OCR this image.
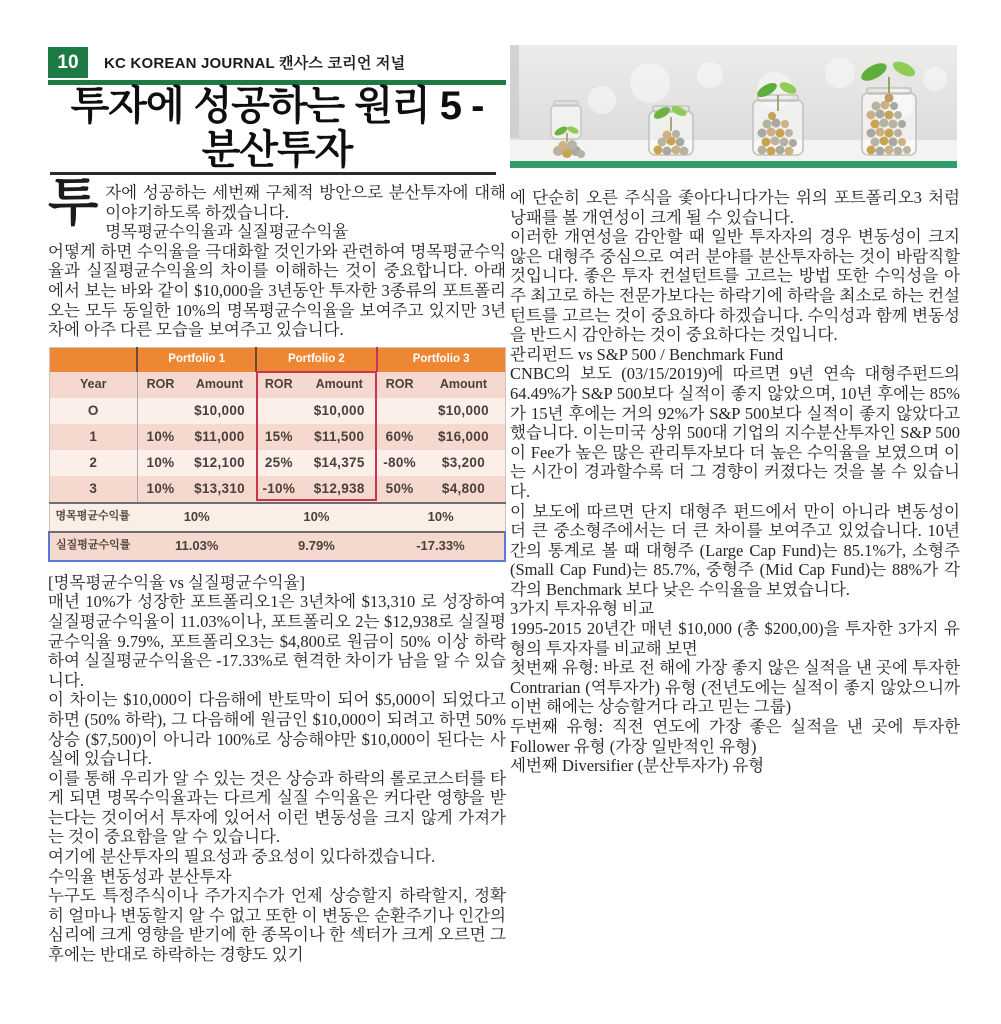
10	KC KOREAN JOURNAL 캔사스 코리언 저널
투자에 성공하는 원리 5 -
분산투자

투자에 성공하는 세번째 구체적 방안으로 분산투자에 대해 이야기하도록 하겠습니다.

명목평균수익율과 실질평균수익율

어떻게 하면 수익율을 극대화할 것인가와 관련하여 명목평균수익율과 실질평균수익율의 차이를 이해하는 것이 중요합니다. 아래에서 보는 바와 같이 $10,000을 3년동안 투자한 3종류의 포트폴리오는 모두 동일한 10%의 명목평균수익율을 보여주고 있지만 3년차에 아주 다른 모습을 보여주고 있습니다.

	Portfolio 1		Portfolio 2		Portfolio 3	
Year	ROR	Amount	ROR	Amount	ROR	Amount
O		$10,000		$10,000		$10,000
1	10%	$11,000	15%	$11,500	60%	$16,000
2	10%	$12,100	25%	$14,375	-80%	$3,200
3	10%	$13,310	-10%	$12,938	50%	$4,800
명목평균수익률	10%		10%		10%	
실질평균수익률	11.03%		9.79%		-17.33%	

[명목평균수익율 vs 실질평균수익율]

매년 10%가 성장한 포트폴리오1은 3년차에 $13,310 로 성장하여 실질평균수익율이 11.03%이나, 포트폴리오 2는 $12,938로 실질평균수익율 9.79%, 포트폴리오3는 $4,800로 원금이 50% 이상 하락하여 실질평균수익율은 -17.33%로 현격한 차이가 남을 알 수 있습니다.

이 차이는 $10,000이 다음해에 반토막이 되어 $5,000이 되었다고 하면 (50% 하락), 그 다음해에 원금인 $10,000이 되려고 하면 50% 상승 ($7,500)이 아니라 100%로 상승해야만 $10,000이 된다는 사실에 있습니다.

이를 통해 우리가 알 수 있는 것은 상승과 하락의 롤로코스터를 타게 되면 명목수익율과는 다르게 실질 수익율은 커다란 영향을 받는다는 것이어서 투자에 있어서 이런 변동성을 크지 않게 가져가는 것이 중요함을 알 수 있습니다.

여기에 분산투자의 필요성과 중요성이 있다하겠습니다.

수익율 변동성과 분산투자

누구도 특정주식이나 주가지수가 언제 상승할지 하락할지, 정확히 얼마나 변동할지 알 수 없고 또한 이 변동은 순환주기나 인간의 심리에 크게 영향을 받기에 한 종목이나 한 섹터가 크게 오르면 그 후에는 반대로 하락하는 경향도 있기

에 단순히 오른 주식을 좇아다니다가는 위의 포트폴리오3 처럼 낭패를 볼 개연성이 크게 될 수 있습니다.

이러한 개연성을 감안할 때 일반 투자자의 경우 변동성이 크지 않은 대형주 중심으로 여러 분야를 분산투자하는 것이 바람직할 것입니다. 좋은 투자 컨설턴트를 고르는 방법 또한 수익성을 아주 최고로 하는 전문가보다는 하락기에 하락을 최소로 하는 컨설턴트를 고르는 것이 중요하다 하겠습니다. 수익성과 함께 변동성을 반드시 감안하는 것이 중요하다는 것입니다.

관리펀드 vs S&P 500 / Benchmark Fund

CNBC의 보도 (03/15/2019)에 따르면 9년 연속 대형주펀드의 64.49%가 S&P 500보다 실적이 좋지 않았으며, 10년 후에는 85%가 15년 후에는 거의 92%가 S&P 500보다 실적이 좋지 않았다고 했습니다. 이는미국 상위 500대 기업의 지수분산투자인 S&P 500이 Fee가 높은 많은 관리투자보다 더 높은 수익율을 보였으며 이는 시간이 경과할수록 더 그 경향이 커졌다는 것을 볼 수 있습니다.

이 보도에 따르면 단지 대형주 펀드에서 만이 아니라 변동성이 더 큰 중소형주에서는 더 큰 차이를 보여주고 있었습니다. 10년간의 통계로 볼 때 대형주 (Large Cap Fund)는 85.1%가, 소형주 (Small Cap Fund)는 85.7%, 중형주 (Mid Cap Fund)는 88%가 각각의 Benchmark 보다 낮은 수익율을 보였습니다.

3가지 투자유형 비교

1995-2015 20년간 매년 $10,000 (총 $200,00)을 투자한 3가지 유형의 투자자를 비교해 보면

첫번째 유형: 바로 전 해에 가장 좋지 않은 실적을 낸 곳에 투자한 Contrarian (역투자가) 유형 (전년도에는 실적이 좋지 않았으니까 이번 해에는 상승할거다 라고 믿는 그룹)

두번째 유형: 직전 연도에 가장 좋은 실적을 낸 곳에 투자한 Follower 유형 (가장 일반적인 유형)

세번째 Diversifier (분산투자가) 유형
